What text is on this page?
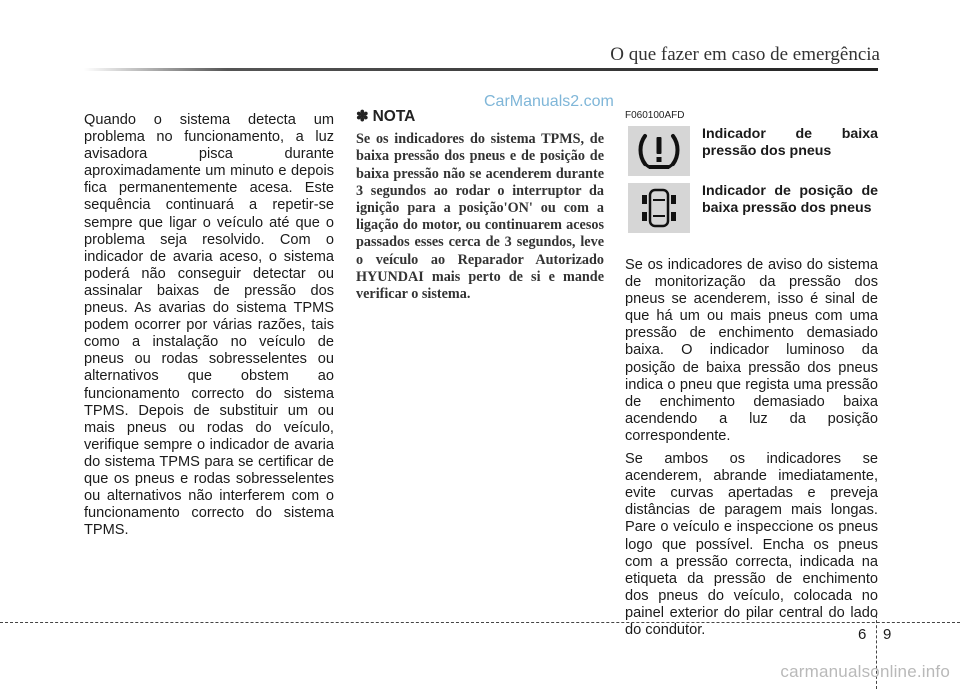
O que fazer em caso de emergência
CarManuals2.com

Quando o sistema detecta um problema no funcionamento, a luz avisadora pisca durante aproximadamente um minuto e depois fica permanentemente acesa. Este sequência continuará a repetir-se sempre que ligar o veículo até que o problema seja resolvido. Com o indicador de avaria aceso, o sistema poderá não conseguir detectar ou assinalar baixas de pressão dos pneus. As avarias do sistema TPMS podem ocorrer por várias razões, tais como a instalação no veículo de pneus ou rodas sobresselentes ou alternativos que obstem ao funcionamento correcto do sistema TPMS. Depois de substituir um ou mais pneus ou rodas do veículo, verifique sempre o indicador de avaria do sistema TPMS para se certificar de que os pneus e rodas sobresselentes ou alternativos não interferem com o funcionamento correcto do sistema TPMS.

✽ NOTA

Se os indicadores do sistema TPMS, de baixa pressão dos pneus e de posição de baixa pressão não se acenderem durante 3 segundos ao rodar o interruptor da ignição para a posição'ON' ou com a ligação do motor, ou continuarem acesos passados esses cerca de 3 segundos, leve o veículo ao Reparador Autorizado HYUNDAI mais perto de si e mande verificar o sistema.

F060100AFD
Indicador de baixa pressão dos pneus
Indicador de posição de baixa pressão dos pneus

Se os indicadores de aviso do sistema de monitorização da pressão dos pneus se acenderem, isso é sinal de que há um ou mais pneus com uma pressão de enchimento demasiado baixa. O indicador luminoso da posição de baixa pressão dos pneus indica o pneu que regista uma pressão de enchimento demasiado baixa acendendo a luz da posição correspondente.

Se ambos os indicadores se acenderem, abrande imediatamente, evite curvas apertadas e preveja distâncias de paragem mais longas. Pare o veículo e inspeccione os pneus logo que possível. Encha os pneus com a pressão correcta, indicada na etiqueta da pressão de enchimento dos pneus do veículo, colocada no painel exterior do pilar central do lado do condutor.	6 9
carmanualsonline.info
